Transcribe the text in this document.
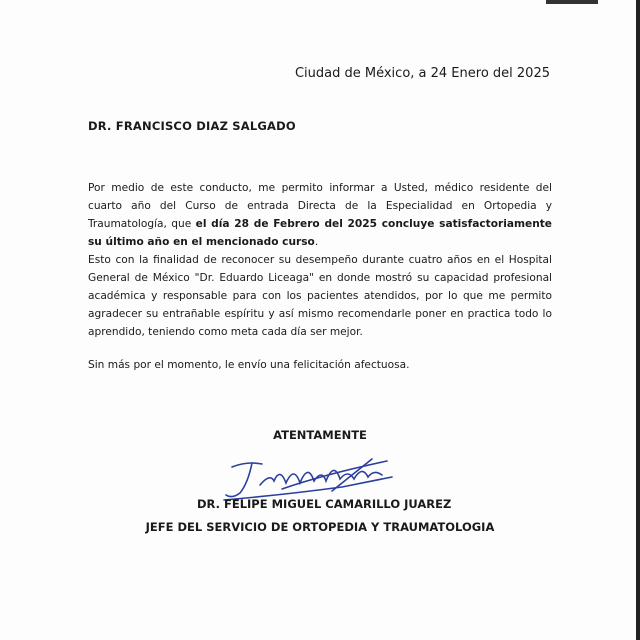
Ciudad de México, a 24 Enero del 2025
DR. FRANCISCO DIAZ SALGADO
Por medio de este conducto, me permito informar a Usted, médico residente del cuarto año del Curso de entrada Directa de la Especialidad en Ortopedia y Traumatología, que el día 28 de Febrero del 2025 concluye satisfactoriamente su último año en el mencionado curso.
Esto con la finalidad de reconocer su desempeño durante cuatro años en el Hospital General de México "Dr. Eduardo Liceaga" en donde mostró su capacidad profesional académica y responsable para con los pacientes atendidos, por lo que me permito agradecer su entrañable espíritu y así mismo recomendarle poner en practica todo lo aprendido, teniendo como meta cada día ser mejor.
Sin más por el momento, le envío una felicitación afectuosa.
ATENTAMENTE
DR. FELIPE MIGUEL CAMARILLO JUAREZ
JEFE DEL SERVICIO DE ORTOPEDIA Y TRAUMATOLOGIA
